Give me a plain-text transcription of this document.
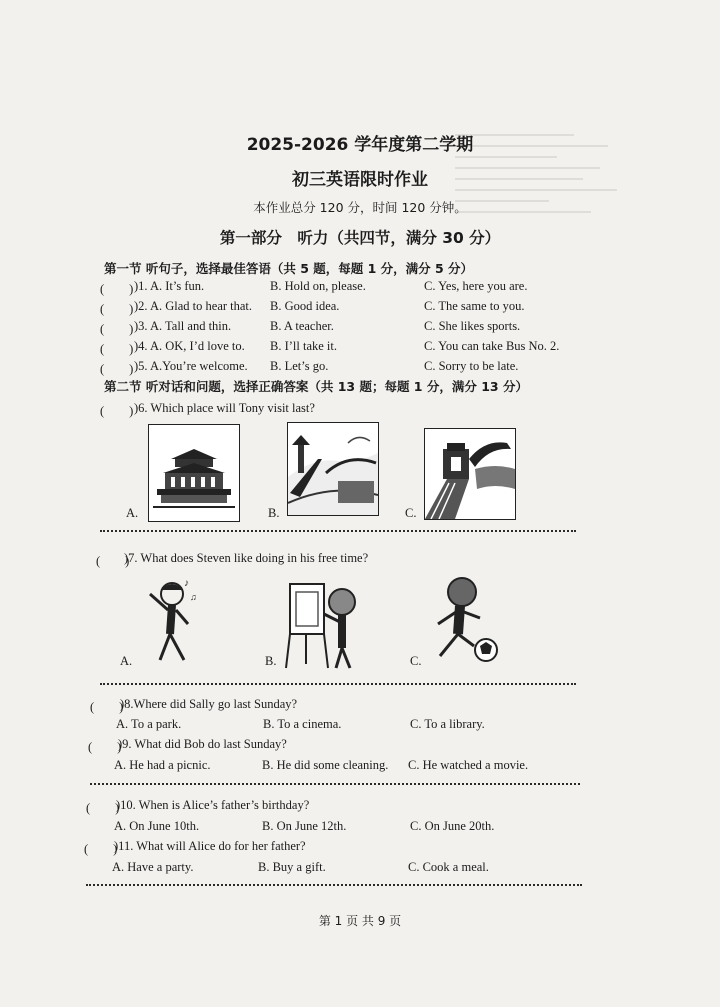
2025-2026 学年度第二学期
初三英语限时作业
本作业总分 120 分，时间 120 分钟。
第一部分　听力（共四节，满分 30 分）
第一节 听句子，选择最佳答语（共 5 题，每题 1 分，满分 5 分）
(　　) )1. A. It’s fun.	B. Hold on, please.	C. Yes, here you are.
(　　) )2. A. Glad to hear that. B. Good idea.	C. The same to you.
(　　) )3. A. Tall and thin.	B. A teacher.	C. She likes sports.
(　　) )4. A. OK, I’d love to. B. I’ll take it.	C. You can take Bus No. 2.
(　　) )5. A.You’re welcome. B. Let’s go.	C. Sorry to be late.
第二节 听对话和问题，选择正确答案（共 13 题；每题 1 分，满分 13 分）
(　　) )6. Which place will Tony visit last?
A.	B.	C.
(　　)
)7. What does Steven like doing in his free time?
♪
♫
A.	B.	C.
(　　)
)8.Where did Sally go last Sunday?
A. To a park.	B. To a cinema.	C. To a library.
(　　)
)9. What did Bob do last Sunday?
A. He had a picnic.	B. He did some cleaning. C. He watched a movie.
(　　)
)10. When is Alice’s father’s birthday?
A. On June 10th.	B. On June 12th.	C. On June 20th.
(　　)
)11. What will Alice do for her father?
A. Have a party.	B. Buy a gift.	C. Cook a meal.
第 1 页 共 9 页
